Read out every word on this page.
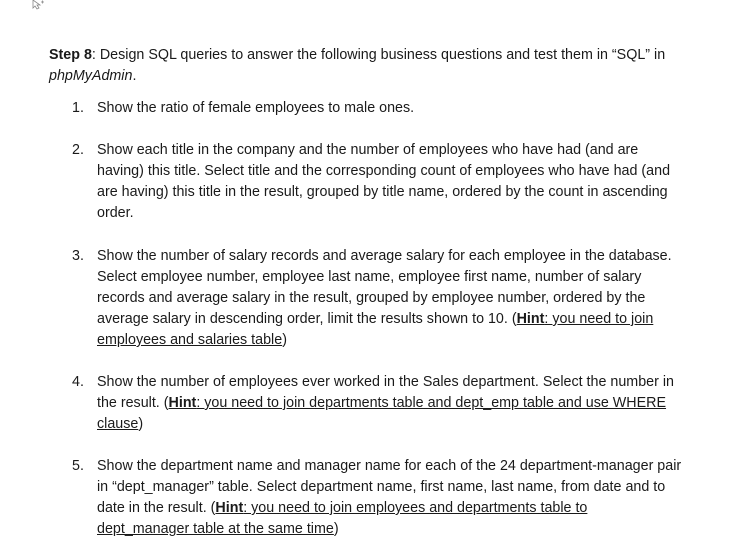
Step 8: Design SQL queries to answer the following business questions and test them in “SQL” in
phpMyAdmin.
1. Show the ratio of female employees to male ones.
2. Show each title in the company and the number of employees who have had (and are having) this title. Select title and the corresponding count of employees who have had (and are having) this title in the result, grouped by title name, ordered by the count in ascending order.
3. Show the number of salary records and average salary for each employee in the database. Select employee number, employee last name, employee first name, number of salary records and average salary in the result, grouped by employee number, ordered by the average salary in descending order, limit the results shown to 10. (Hint: you need to join employees and salaries table)
4. Show the number of employees ever worked in the Sales department. Select the number in the result. (Hint: you need to join departments table and dept_emp table and use WHERE clause)
5. Show the department name and manager name for each of the 24 department-manager pair in “dept_manager” table. Select department name, first name, last name, from date and to date in the result. (Hint: you need to join employees and departments table to dept_manager table at the same time)
